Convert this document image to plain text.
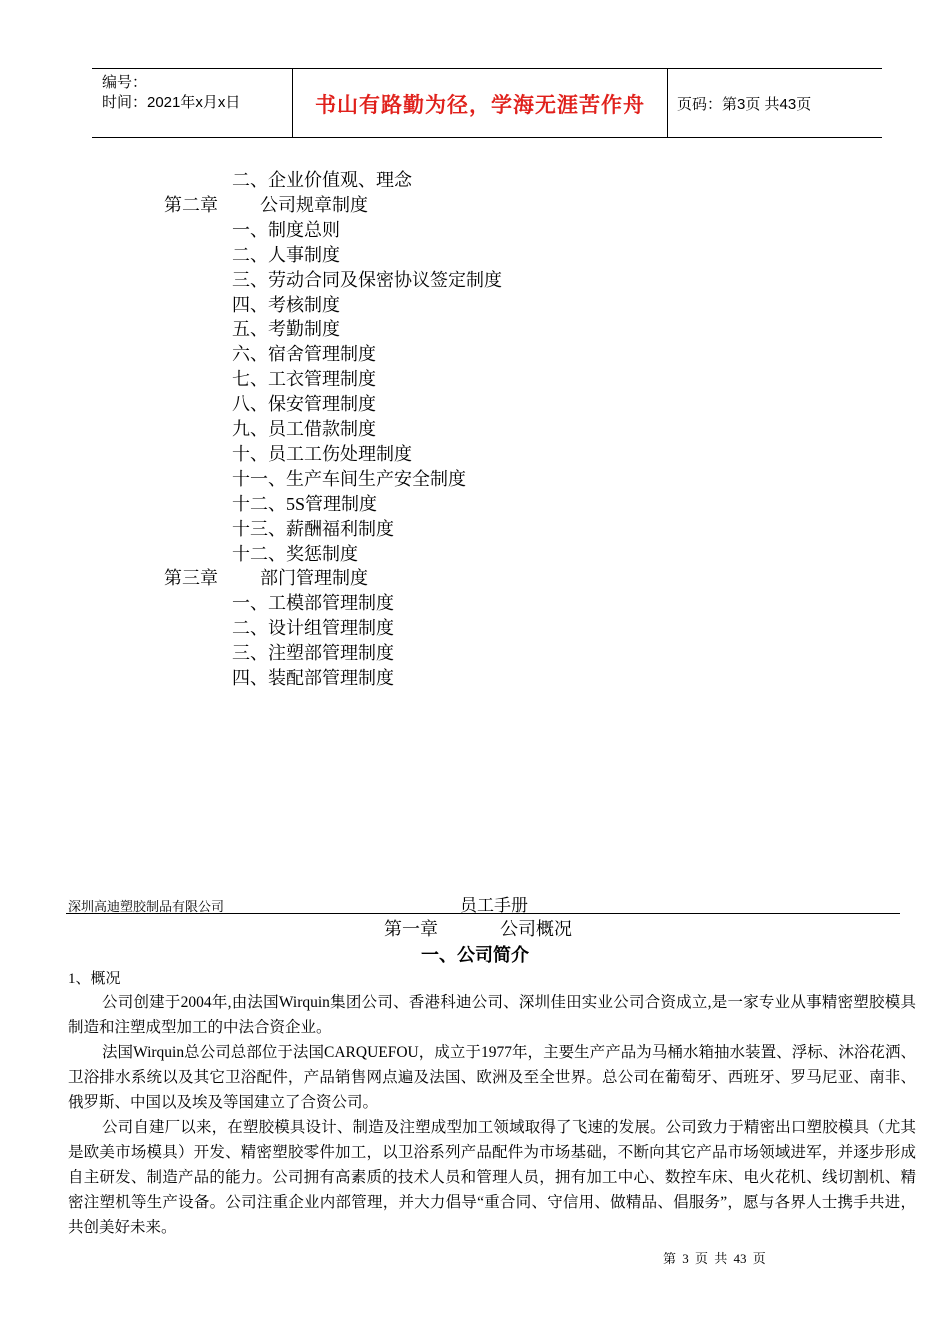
编号：
时间：2021年x月x日	书山有路勤为径，学海无涯苦作舟	页码：第3页 共43页
二、企业价值观、理念
第二章 公司规章制度
一、制度总则
二、人事制度
三、劳动合同及保密协议签定制度
四、考核制度
五、考勤制度
六、宿舍管理制度
七、工衣管理制度
八、保安管理制度
九、员工借款制度
十、员工工伤处理制度
十一、生产车间生产安全制度
十二、5S管理制度
十三、薪酬福利制度
十二、奖惩制度
第三章 部门管理制度
一、工模部管理制度
二、设计组管理制度
三、注塑部管理制度
四、装配部管理制度
深圳高迪塑胶制品有限公司	员工手册
第一章	公司概况
一、公司简介
1、概况

公司创建于2004年,由法国Wirquin集团公司、香港科迪公司、深圳佳田实业公司合资成立,是一家专业从事精密塑胶模具制造和注塑成型加工的中法合资企业。

法国Wirquin总公司总部位于法国CARQUEFOU，成立于1977年，主要生产产品为马桶水箱抽水装置、浮标、沐浴花洒、卫浴排水系统以及其它卫浴配件，产品销售网点遍及法国、欧洲及至全世界。总公司在葡萄牙、西班牙、罗马尼亚、南非、俄罗斯、中国以及埃及等国建立了合资公司。

公司自建厂以来，在塑胶模具设计、制造及注塑成型加工领域取得了飞速的发展。公司致力于精密出口塑胶模具（尤其是欧美市场模具）开发、精密塑胶零件加工，以卫浴系列产品配件为市场基础，不断向其它产品市场领域进军，并逐步形成自主研发、制造产品的能力。公司拥有高素质的技术人员和管理人员，拥有加工中心、数控车床、电火花机、线切割机、精密注塑机等生产设备。公司注重企业内部管理，并大力倡导“重合同、守信用、做精品、倡服务”，愿与各界人士携手共进，共创美好未来。

第 3 页 共 43 页
